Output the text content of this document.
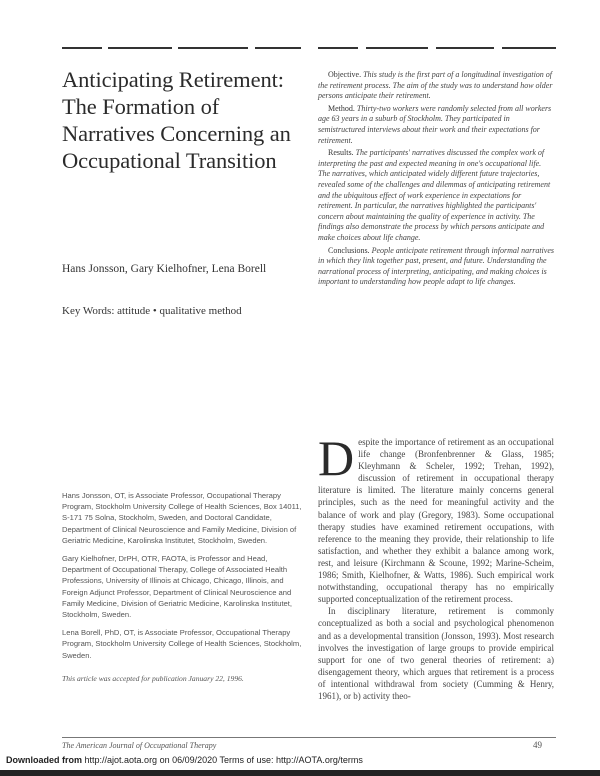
Anticipating Retirement: The Formation of Narratives Concerning an Occupational Transition
Hans Jonsson, Gary Kielhofner, Lena Borell
Key Words: attitude • qualitative method

Objective. This study is the first part of a longitudinal investigation of the retirement process. The aim of the study was to understand how older persons anticipate their retirement.

Method. Thirty-two workers were randomly selected from all workers age 63 years in a suburb of Stockholm. They participated in semistructured interviews about their work and their expectations for retirement.

Results. The participants' narratives discussed the complex work of interpreting the past and expected meaning in one's occupational life. The narratives, which anticipated widely different future trajectories, revealed some of the challenges and dilemmas of anticipating retirement and the ubiquitous effect of work experience in expectations for retirement. In particular, the narratives highlighted the participants' concern about maintaining the quality of experience in activity. The findings also demonstrate the process by which persons anticipate and make choices about life change.

Conclusions. People anticipate retirement through informal narratives in which they link together past, present, and future. Understanding the narrational process of interpreting, anticipating, and making choices is important to understanding how people adapt to life changes.

Hans Jonsson, OT, is Associate Professor, Occupational Therapy Program, Stockholm University College of Health Sciences, Box 14011, S-171 75 Solna, Stockholm, Sweden, and Doctoral Candidate, Department of Clinical Neuroscience and Family Medicine, Division of Geriatric Medicine, Karolinska Institutet, Stockholm, Sweden.

Gary Kielhofner, DrPH, OTR, FAOTA, is Professor and Head, Department of Occupational Therapy, College of Associated Health Professions, University of Illinois at Chicago, Chicago, Illinois, and Foreign Adjunct Professor, Department of Clinical Neuroscience and Family Medicine, Division of Geriatric Medicine, Karolinska Institutet, Stockholm, Sweden.

Lena Borell, PhD, OT, is Associate Professor, Occupational Therapy Program, Stockholm University College of Health Sciences, Stockholm, Sweden.

This article was accepted for publication January 22, 1996.

Despite the importance of retirement as an occupational life change (Bronfenbrenner & Glass, 1985; Kleyhmann & Scheler, 1992; Trehan, 1992), discussion of retirement in occupational therapy literature is limited. The literature mainly concerns general principles, such as the need for meaningful activity and the balance of work and play (Gregory, 1983). Some occupational therapy studies have examined retirement occupations, with reference to the meaning they provide, their relationship to life satisfaction, and whether they exhibit a balance among work, rest, and leisure (Kirchmann & Scoune, 1992; Marine-Scheim, 1986; Smith, Kielhofner, & Watts, 1986). Such empirical work notwithstanding, occupational therapy has no empirically supported conceptualization of the retirement process.

In disciplinary literature, retirement is commonly conceptualized as both a social and psychological phenomenon and as a developmental transition (Jonsson, 1993). Most research involves the investigation of large groups to provide empirical support for one of two general theories of retirement: a) disengagement theory, which argues that retirement is a process of intentional withdrawal from society (Cumming & Henry, 1961), or b) activity theo-

The American Journal of Occupational Therapy	49
Downloaded from http://ajot.aota.org on 06/09/2020 Terms of use: http://AOTA.org/terms
